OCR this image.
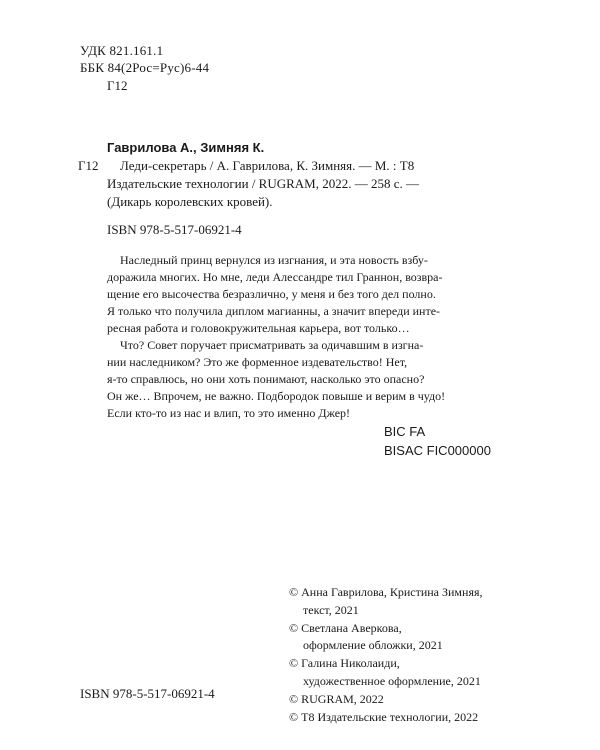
УДК 821.161.1
ББК 84(2Рос=Рус)6-44
Г12
Гаврилова А., Зимняя К.
Г12 Леди-секретарь / А. Гаврилова, К. Зимняя. — М. : Т8
Издательские технологии / RUGRAM, 2022. — 258 с. —
(Дикарь королевских кровей).
ISBN 978-5-517-06921-4

Наследный принц вернулся из изгнания, и эта новость взбу-
доражила многих. Но мне, леди Алессандре тил Граннон, возвра-
щение его высочества безразлично, у меня и без того дел полно.
Я только что получила диплом магианны, а значит впереди инте-
ресная работа и головокружительная карьера, вот только…

Что? Совет поручает присматривать за одичавшим в изгна-
нии наследником? Это же форменное издевательство! Нет,
я-то справлюсь, но они хоть понимают, насколько это опасно?
Он же… Впрочем, не важно. Подбородок повыше и верим в чудо!
Если кто-то из нас и влип, то это именно Джер!

BIC FA
BISAC FIC000000
© Анна Гаврилова, Кристина Зимняя,
текст, 2021
© Светлана Аверкова,
оформление обложки, 2021
© Галина Николаиди,
художественное оформление, 2021
© RUGRAM, 2022
© Т8 Издательские технологии, 2022
ISBN 978-5-517-06921-4
